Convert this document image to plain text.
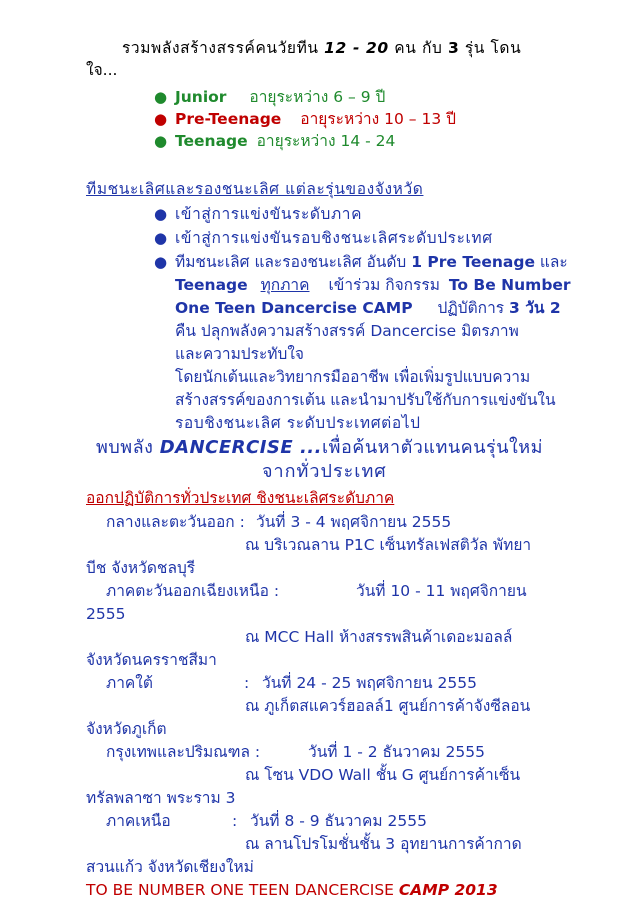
รวมพลังสร้างสรรค์คนวัยทีน 12 - 20 คน กับ 3 รุ่น โดน
ใจ...
● Junior อายุระหว่าง 6 – 9 ปี
● Pre-Teenage อายุระหว่าง 10 – 13 ปี
● Teenage อายุระหว่าง 14 - 24
ทีมชนะเลิศและรองชนะเลิศ แต่ละรุ่นของจังหวัด
● เข้าสู่การแข่งขันระดับภาค
● เข้าสู่การแข่งขันรอบชิงชนะเลิศระดับประเทศ
● ทีมชนะเลิศ และรองชนะเลิศ อันดับ 1 Pre Teenage และ
Teenage ทุกภาค เข้าร่วม กิจกรรม To Be Number
One Teen Dancercise CAMP ปฏิบัติการ 3 วัน 2
คืน ปลุกพลังความสร้างสรรค์ Dancercise มิตรภาพ
และความประทับใจ
โดยนักเต้นและวิทยากรมืออาชีพ เพื่อเพิ่มรูปแบบความ
สร้างสรรค์ของการเต้น และนำมาปรับใช้กับการแข่งขันใน
รอบชิงชนะเลิศ ระดับประเทศต่อไป
พบพลัง DANCERCISE ...เพื่อค้นหาตัวแทนคนรุ่นใหม่
จากทั่วประเทศ
ออกปฏิบัติการทั่วประเทศ ชิงชนะเลิศระดับภาค
กลางและตะวันออก : วันที่ 3 - 4 พฤศจิกายน 2555
ณ บริเวณลาน P1C เซ็นทรัลเฟสติวัล พัทยา
บีช จังหวัดชลบุรี
ภาคตะวันออกเฉียงเหนือ :	วันที่ 10 - 11 พฤศจิกายน
2555
ณ MCC Hall ห้างสรรพสินค้าเดอะมอลล์
จังหวัดนครราชสีมา
ภาคใต้	: วันที่ 24 - 25 พฤศจิกายน 2555
ณ ภูเก็ตสแควร์ฮอลล์1 ศูนย์การค้าจังซีลอน
จังหวัดภูเก็ต
กรุงเทพและปริมณฑล :	วันที่ 1 - 2 ธันวาคม 2555
ณ โซน VDO Wall ชั้น G ศูนย์การค้าเซ็น
ทรัลพลาซา พระราม 3
ภาคเหนือ	: วันที่ 8 - 9 ธันวาคม 2555
ณ ลานโปรโมชั่นชั้น 3 อุทยานการค้ากาด
สวนแก้ว จังหวัดเชียงใหม่
TO BE NUMBER ONE TEEN DANCERCISE CAMP 2013
